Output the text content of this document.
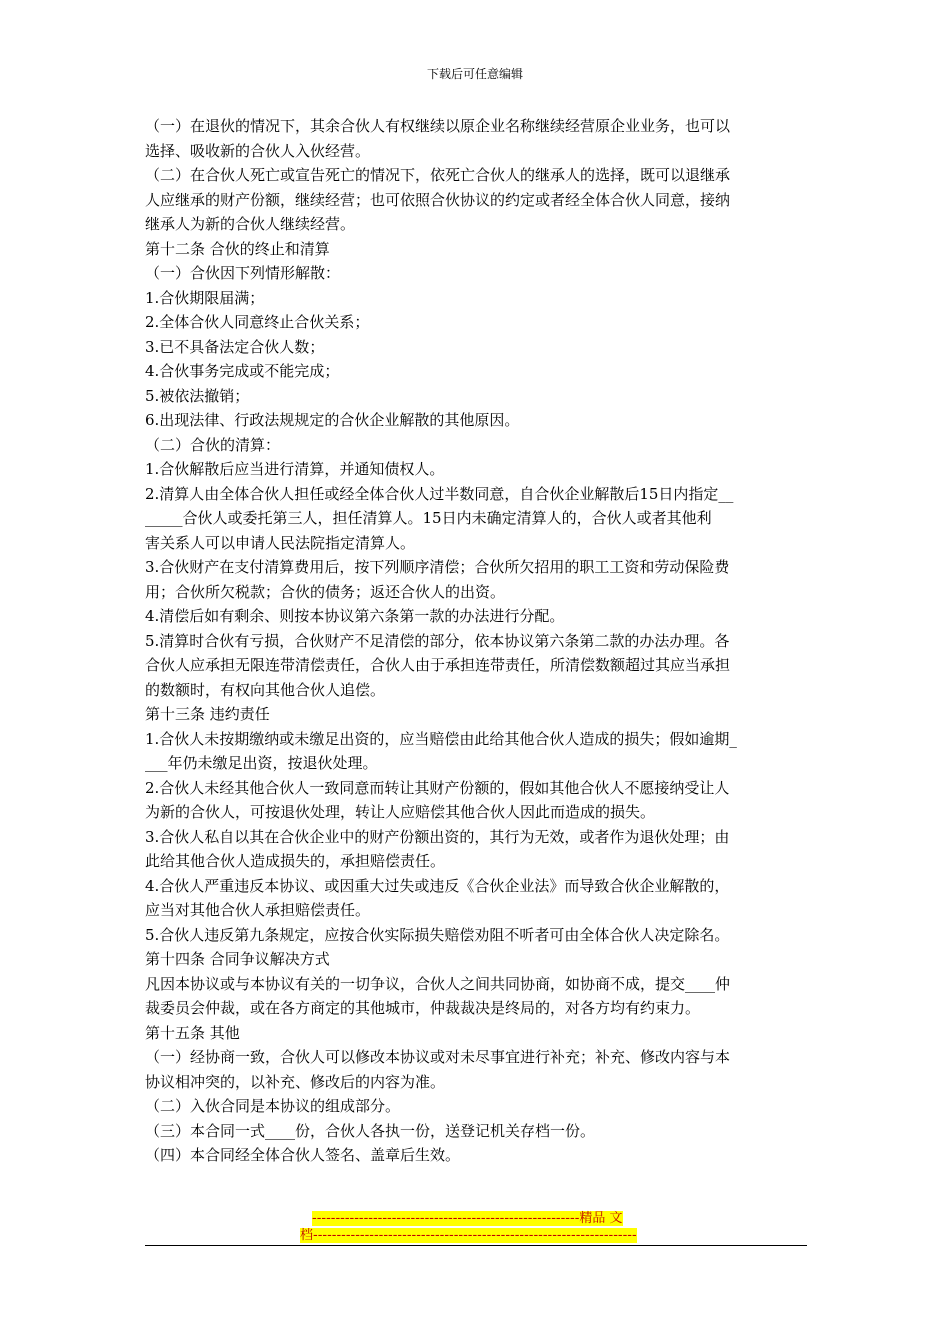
下载后可任意编辑
（一）在退伙的情况下，其余合伙人有权继续以原企业名称继续经营原企业业务，也可以
选择、吸收新的合伙人入伙经营。
（二）在合伙人死亡或宣告死亡的情况下，依死亡合伙人的继承人的选择，既可以退继承
人应继承的财产份额，继续经营；也可依照合伙协议的约定或者经全体合伙人同意，接纳
继承人为新的合伙人继续经营。
第十二条 合伙的终止和清算
（一）合伙因下列情形解散：
1.合伙期限届满；
2.全体合伙人同意终止合伙关系；
3.已不具备法定合伙人数；
4.合伙事务完成或不能完成；
5.被依法撤销；
6.出现法律、行政法规规定的合伙企业解散的其他原因。
（二）合伙的清算：
1.合伙解散后应当进行清算，并通知债权人。
2.清算人由全体合伙人担任或经全体合伙人过半数同意，自合伙企业解散后15日内指定__
_____合伙人或委托第三人，担任清算人。15日内未确定清算人的，合伙人或者其他利
害关系人可以申请人民法院指定清算人。
3.合伙财产在支付清算费用后，按下列顺序清偿；合伙所欠招用的职工工资和劳动保险费
用；合伙所欠税款；合伙的债务；返还合伙人的出资。
4.清偿后如有剩余、则按本协议第六条第一款的办法进行分配。
5.清算时合伙有亏损，合伙财产不足清偿的部分，依本协议第六条第二款的办法办理。各
合伙人应承担无限连带清偿责任，合伙人由于承担连带责任，所清偿数额超过其应当承担
的数额时，有权向其他合伙人追偿。
第十三条 违约责任
1.合伙人未按期缴纳或未缴足出资的，应当赔偿由此给其他合伙人造成的损失；假如逾期_
___年仍未缴足出资，按退伙处理。
2.合伙人未经其他合伙人一致同意而转让其财产份额的，假如其他合伙人不愿接纳受让人
为新的合伙人，可按退伙处理，转让人应赔偿其他合伙人因此而造成的损失。
3.合伙人私自以其在合伙企业中的财产份额出资的，其行为无效，或者作为退伙处理；由
此给其他合伙人造成损失的，承担赔偿责任。
4.合伙人严重违反本协议、或因重大过失或违反《合伙企业法》而导致合伙企业解散的，
应当对其他合伙人承担赔偿责任。
5.合伙人违反第九条规定，应按合伙实际损失赔偿劝阻不听者可由全体合伙人决定除名。
第十四条 合同争议解决方式
凡因本协议或与本协议有关的一切争议，合伙人之间共同协商，如协商不成，提交____仲
裁委员会仲裁，或在各方商定的其他城市，仲裁裁决是终局的，对各方均有约束力。
第十五条 其他
（一）经协商一致，合伙人可以修改本协议或对未尽事宜进行补充；补充、修改内容与本
协议相冲突的，以补充、修改后的内容为准。
（二）入伙合同是本协议的组成部分。
（三）本合同一式____份，合伙人各执一份，送登记机关存档一份。
（四）本合同经全体合伙人签名、盖章后生效。
---------------------------------------------------------精品 文
档---------------------------------------------------------------------
